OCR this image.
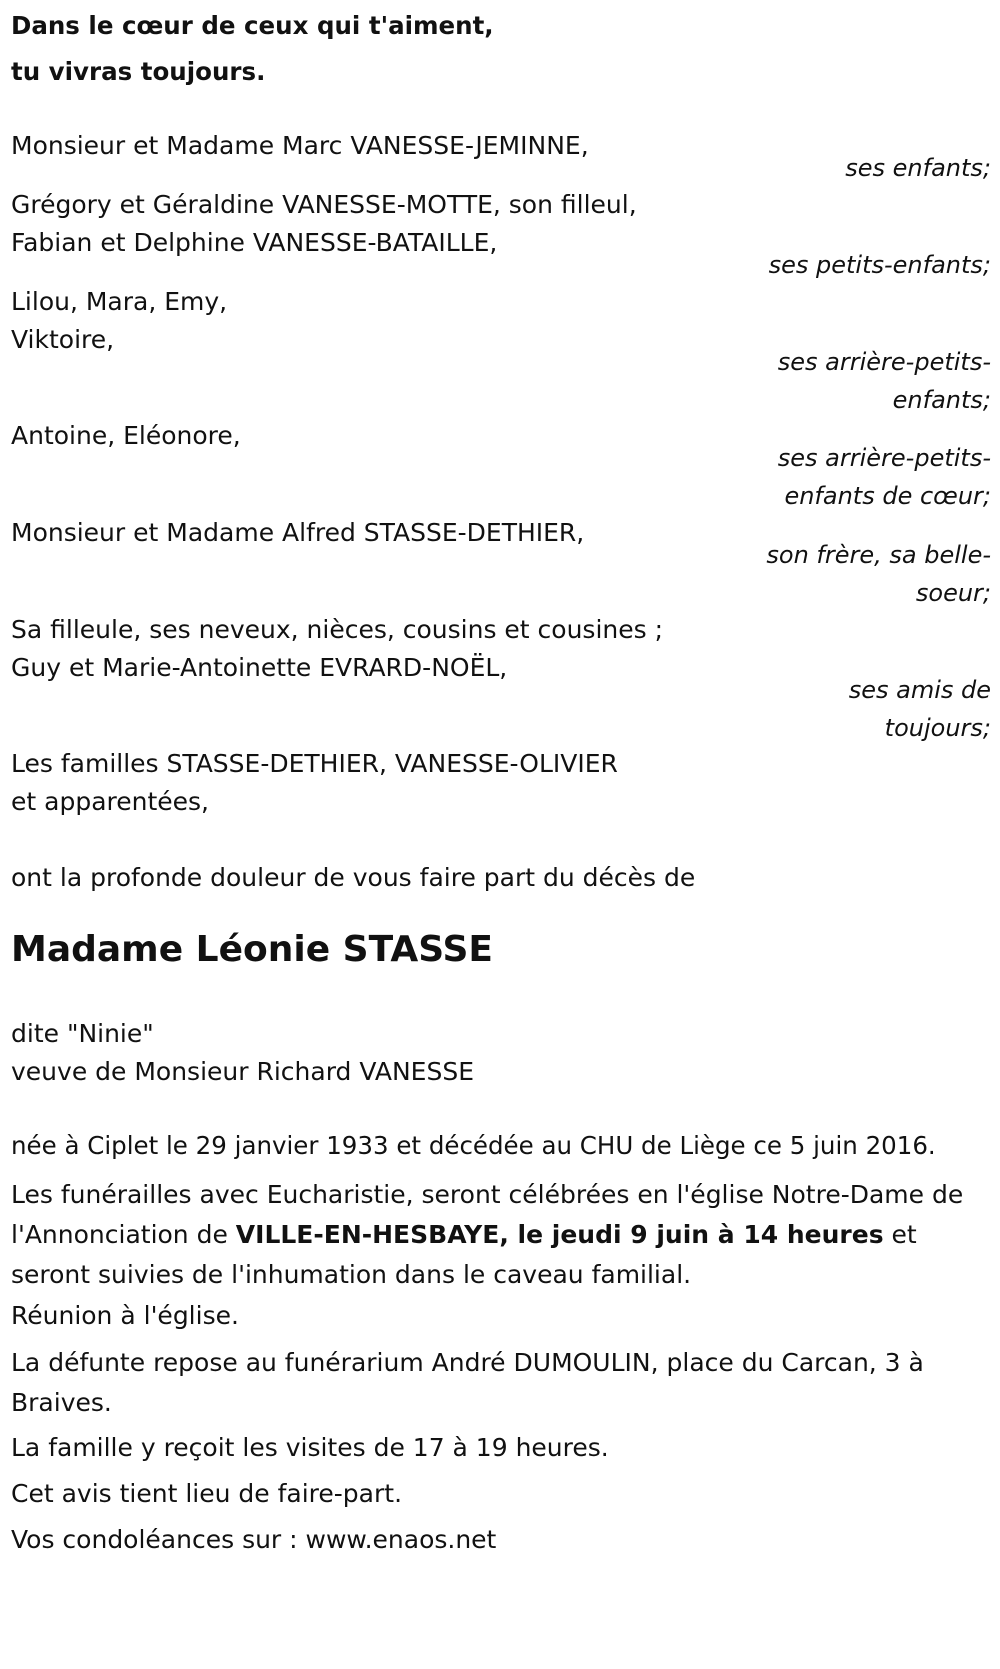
Dans le cœur de ceux qui t'aiment,
tu vivras toujours.
Monsieur et Madame Marc VANESSE-JEMINNE,
ses enfants;
Grégory et Géraldine VANESSE-MOTTE, son filleul,
Fabian et Delphine VANESSE-BATAILLE,
ses petits-enfants;
Lilou, Mara, Emy,
Viktoire,
ses arrière-petits-
enfants;
Antoine, Eléonore,
ses arrière-petits-
enfants de cœur;
Monsieur et Madame Alfred STASSE-DETHIER,
son frère, sa belle-
soeur;
Sa filleule, ses neveux, nièces, cousins et cousines ;
Guy et Marie-Antoinette EVRARD-NOËL,
ses amis de
toujours;
Les familles STASSE-DETHIER, VANESSE-OLIVIER
et apparentées,
ont la profonde douleur de vous faire part du décès de
Madame Léonie STASSE
dite "Ninie"
veuve de Monsieur Richard VANESSE
née à Ciplet le 29 janvier 1933 et décédée au CHU de Liège ce 5 juin 2016.
Les funérailles avec Eucharistie, seront célébrées en l'église Notre-Dame de l'Annonciation de VILLE-EN-HESBAYE, le jeudi 9 juin à 14 heures et seront suivies de l'inhumation dans le caveau familial.
Réunion à l'église.
La défunte repose au funérarium André DUMOULIN, place du Carcan, 3 à Braives.
La famille y reçoit les visites de 17 à 19 heures.
Cet avis tient lieu de faire-part.
Vos condoléances sur : www.enaos.net
